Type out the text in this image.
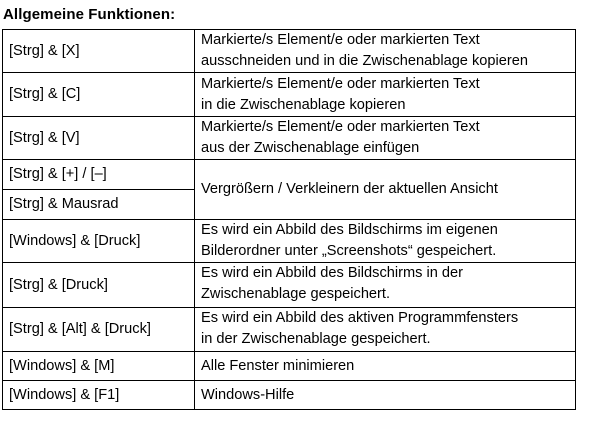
Allgemeine Funktionen:
[Strg] & [X]	Markierte/s Element/e oder markierten Text
ausschneiden und in die Zwischenablage kopieren

[Strg] & [C]	Markierte/s Element/e oder markierten Text
in die Zwischenablage kopieren

[Strg] & [V]	Markierte/s Element/e oder markierten Text
aus der Zwischenablage einfügen

[Strg] & [+] / [–]	Vergrößern / Verkleinern der aktuellen Ansicht

[Strg] & Mausrad	
[Windows] & [Druck]	Es wird ein Abbild des Bildschirms im eigenen
Bilderordner unter „Screenshots“ gespeichert.

[Strg] & [Druck]	Es wird ein Abbild des Bildschirms in der
Zwischenablage gespeichert.

[Strg] & [Alt] & [Druck]	Es wird ein Abbild des aktiven Programmfensters
in der Zwischenablage gespeichert.

[Windows] & [M]	Alle Fenster minimieren

[Windows] & [F1]	Windows-Hilfe
